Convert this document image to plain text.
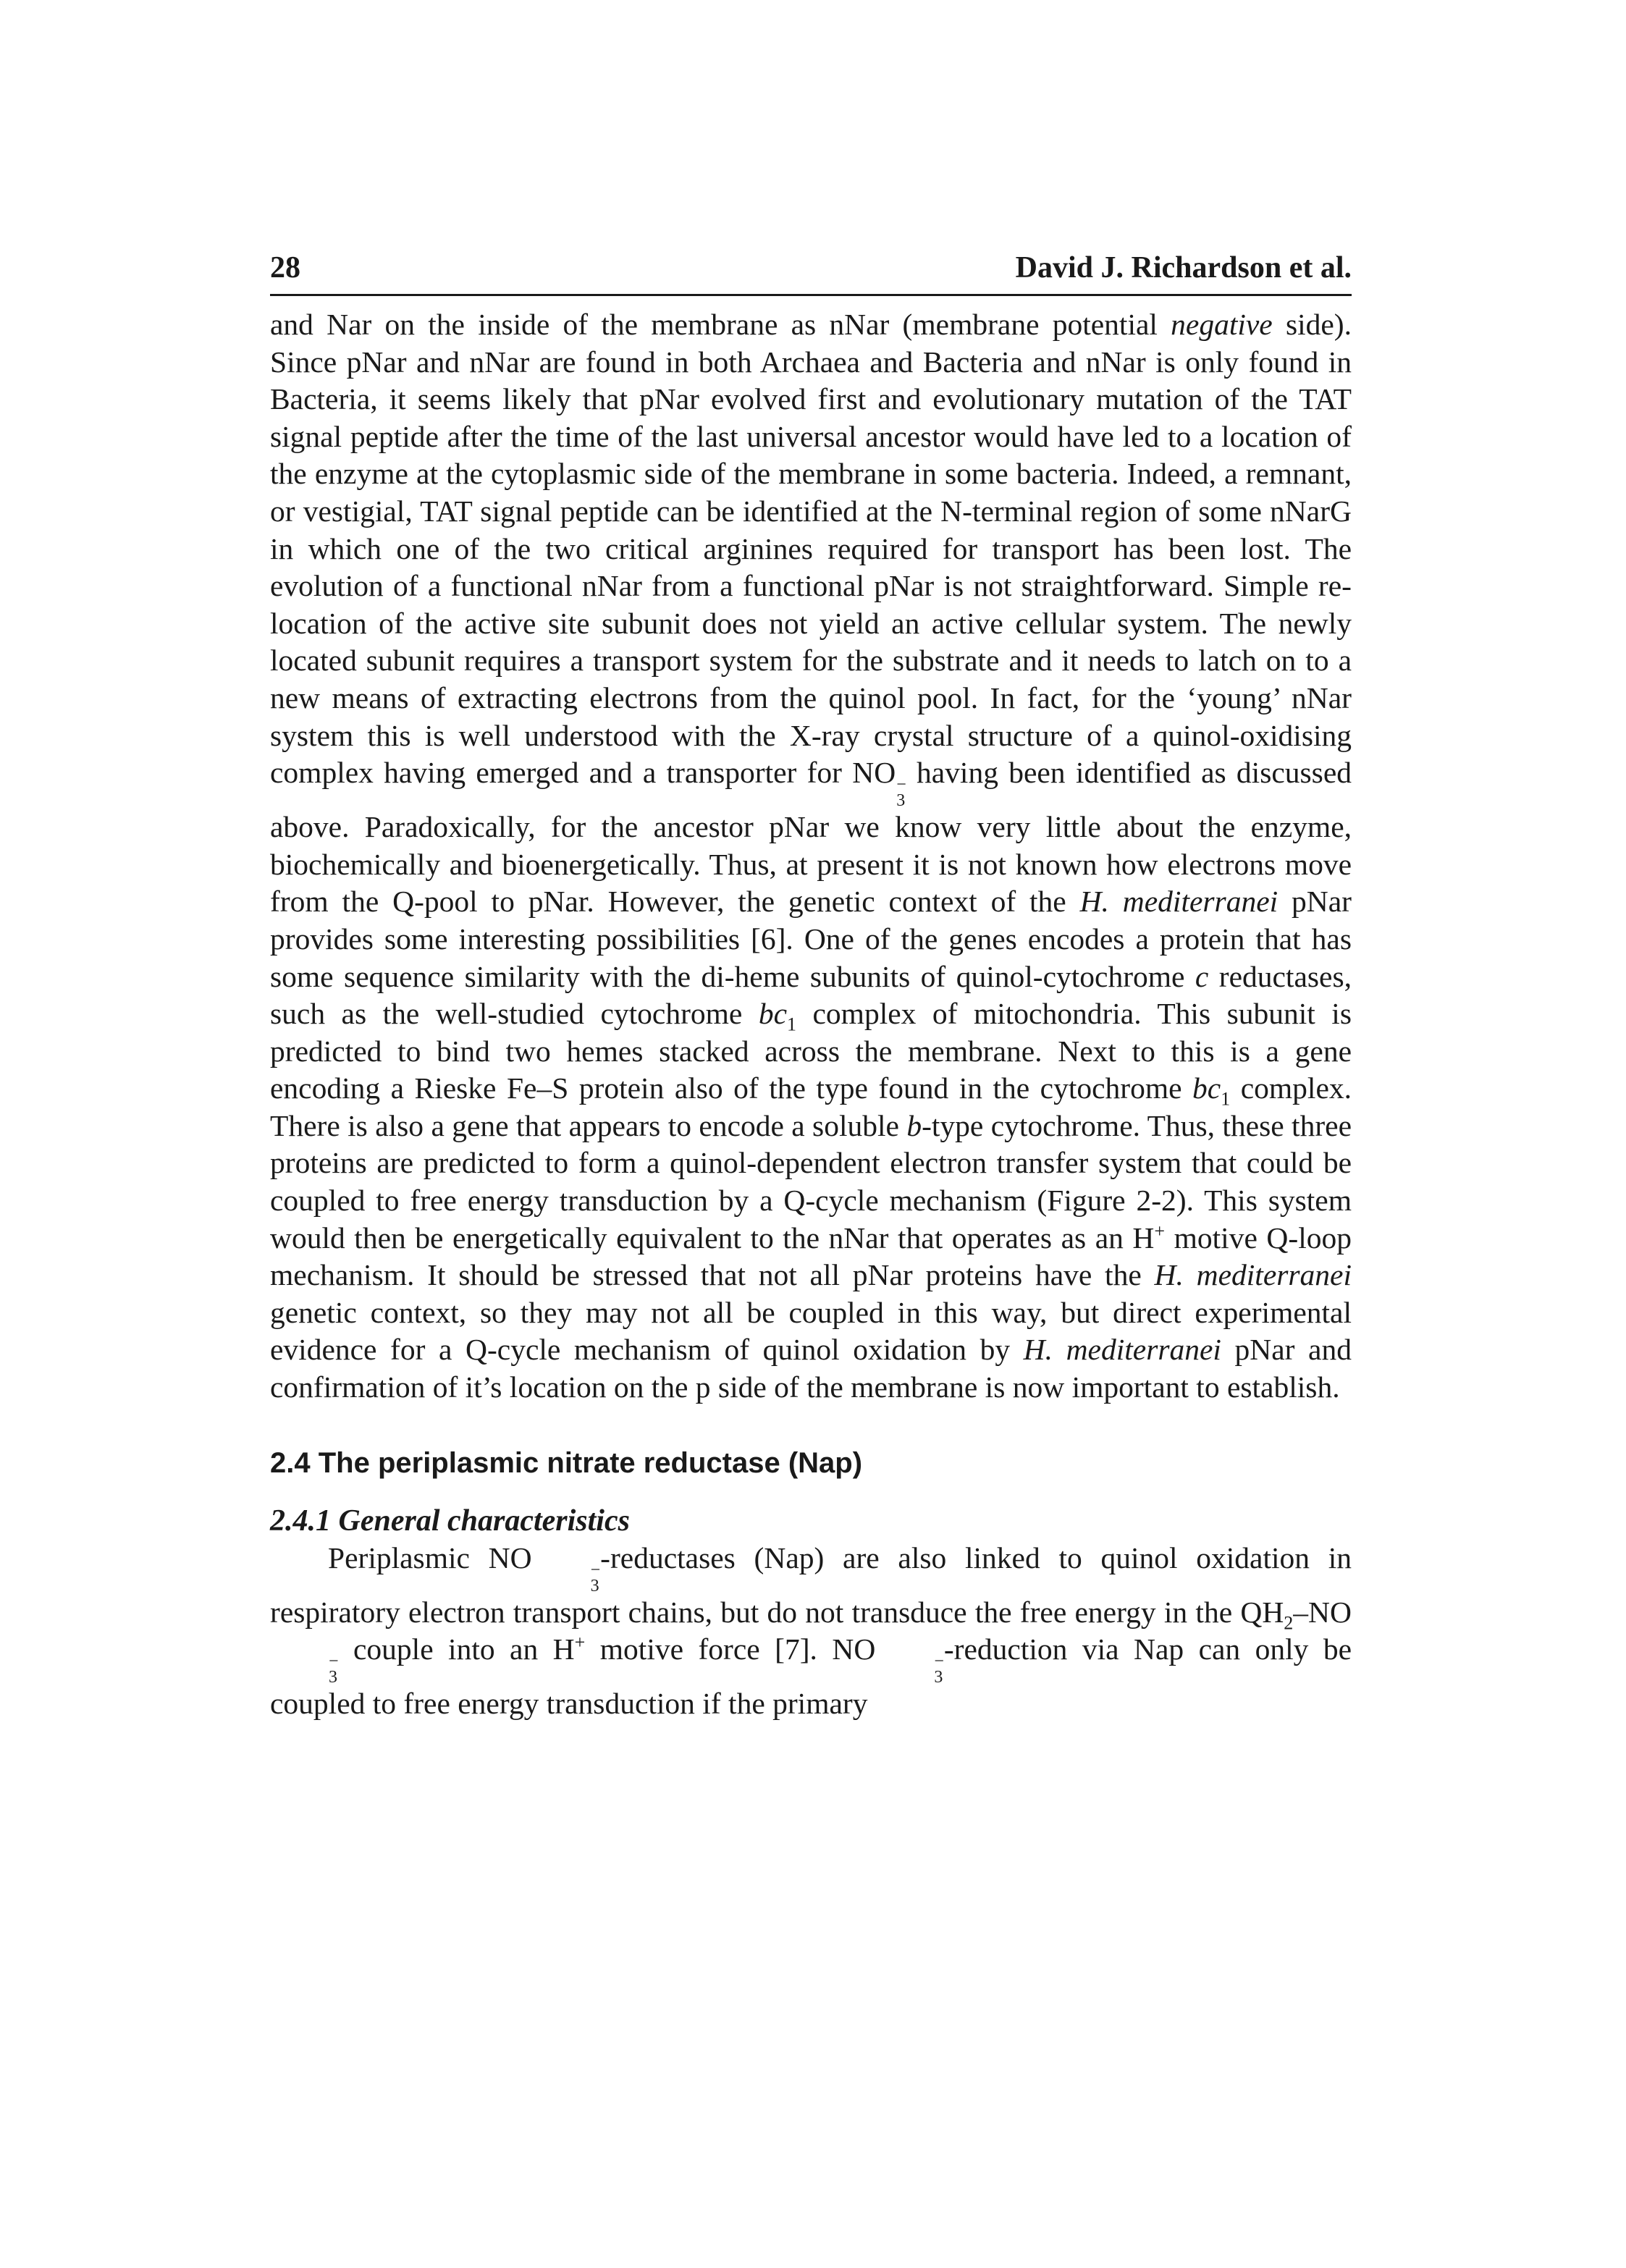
28	David J. Richardson et al.

and Nar on the inside of the membrane as nNar (membrane potential negative side). Since pNar and nNar are found in both Archaea and Bacteria and nNar is only found in Bacteria, it seems likely that pNar evolved first and evolutionary mutation of the TAT signal peptide after the time of the last universal ancestor would have led to a location of the enzyme at the cytoplasmic side of the membrane in some bacteria. Indeed, a remnant, or vestigial, TAT signal peptide can be identified at the N-terminal region of some nNarG in which one of the two critical arginines required for transport has been lost. The evolution of a functional nNar from a functional pNar is not straightforward. Simple re-location of the active site subunit does not yield an active cellular system. The newly located subunit requires a transport system for the substrate and it needs to latch on to a new means of extracting electrons from the quinol pool. In fact, for the ‘young’ nNar system this is well understood with the X-ray crystal structure of a quinol-oxidising complex having emerged and a transporter for NO −
3
having been identified as discussed above. Paradoxically, for the ancestor pNar we know very little about the enzyme, biochemically and bioenergetically. Thus, at present it is not known how electrons move from the Q-pool to pNar. However, the genetic context of the H. mediterranei pNar provides some interesting possibilities [6]. One of the genes encodes a protein that has some sequence similarity with the di-heme subunits of quinol-cytochrome c reductases, such as the well-studied cytochrome $bc_1$ complex of mitochondria. This subunit is predicted to bind two hemes stacked across the membrane. Next to this is a gene encoding a Rieske Fe–S protein also of the type found in the cytochrome $bc_1$ complex. There is also a gene that appears to encode a soluble b-type cytochrome. Thus, these three proteins are predicted to form a quinol-dependent electron transfer system that could be coupled to free energy transduction by a Q-cycle mechanism (Figure 2-2). This system would then be energetically equivalent to the nNar that operates as an H+ motive Q-loop mechanism. It should be stressed that not all pNar proteins have the H. mediterranei genetic context, so they may not all be coupled in this way, but direct experimental evidence for a Q-cycle mechanism of quinol oxidation by H. mediterranei pNar and confirmation of it’s location on the p side of the membrane is now important to establish.

2.4 The periplasmic nitrate reductase (Nap)
2.4.1 General characteristics

Periplasmic NO	−
3
-reductases (Nap) are also linked to quinol oxidation in respiratory electron transport chains, but do not transduce the free energy in the $QH_2-NO$
−
3
couple into an H+ motive force [7]. NO	−
3
-reduction via Nap can only be coupled to free energy transduction if the primary
